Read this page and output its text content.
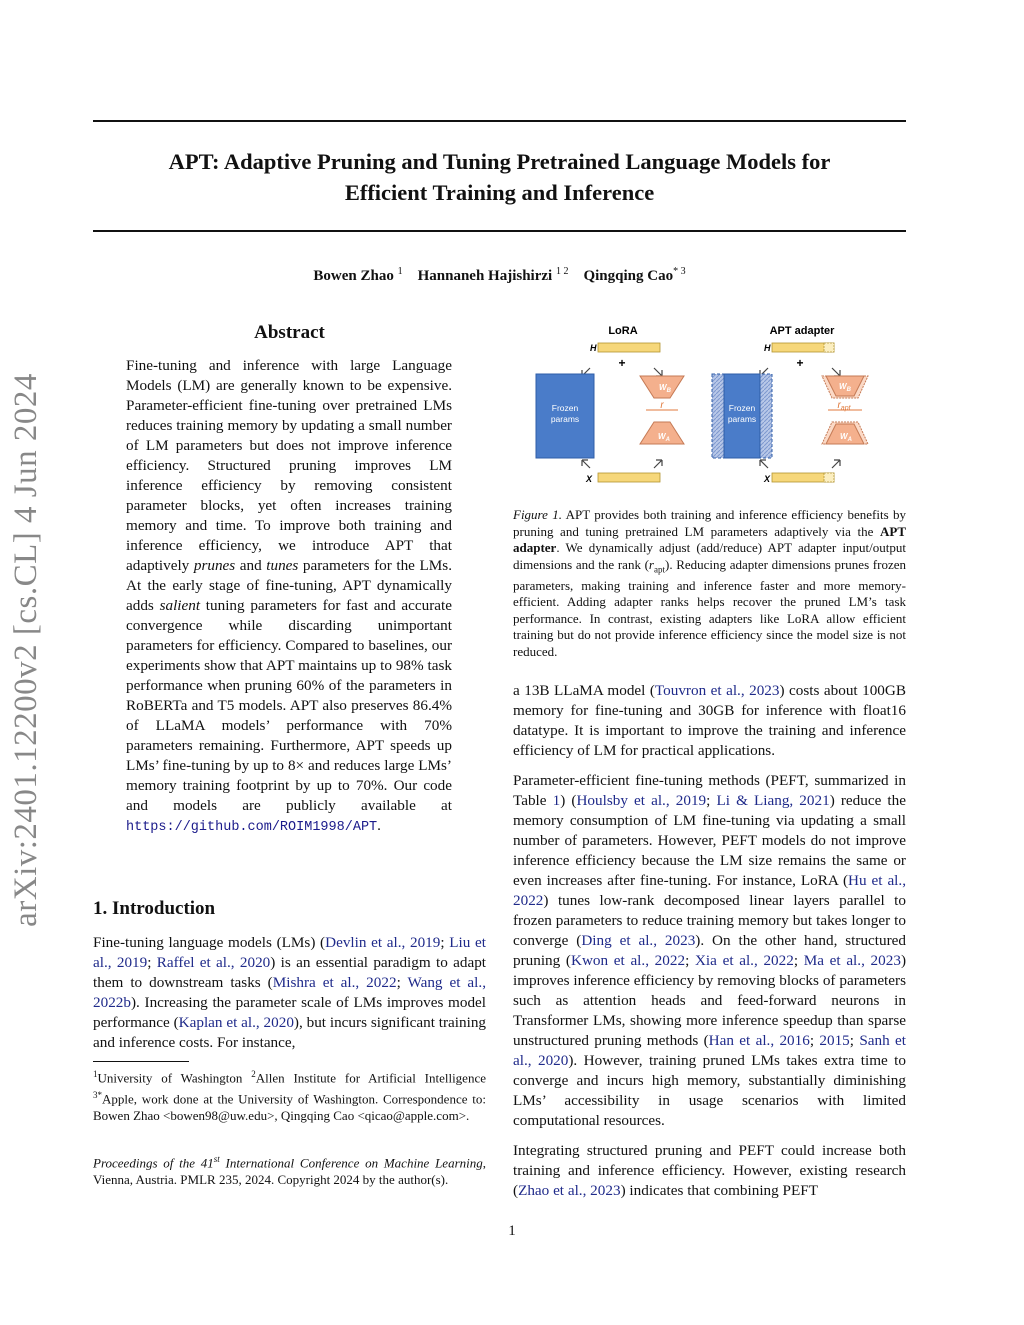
arXiv:2401.12200v2 [cs.CL] 4 Jun 2024
APT: Adaptive Pruning and Tuning Pretrained Language Models for
Efficient Training and Inference
Bowen Zhao $^1$ Hannaneh Hajishirzi $^{1 2}$ Qingqing Cao$^{* 3}$
Abstract
Fine-tuning and inference with large Language Models (LM) are generally known to be expensive. Parameter-efficient fine-tuning over pretrained LMs reduces training memory by updating a small number of LM parameters but does not improve inference efficiency. Structured pruning improves LM inference efficiency by removing consistent parameter blocks, yet often increases training memory and time. To improve both training and inference efficiency, we introduce APT that adaptively prunes and tunes parameters for the LMs. At the early stage of fine-tuning, APT dynamically adds salient tuning parameters for fast and accurate convergence while discarding unimportant parameters for efficiency. Compared to baselines, our experiments show that APT maintains up to 98% task performance when pruning 60% of the parameters in RoBERTa and T5 models. APT also preserves 86.4% of LLaMA models’ performance with 70% parameters remaining. Furthermore, APT speeds up LMs’ fine-tuning by up to 8× and reduces large LMs’ memory training footprint by up to 70%. Our code and models are publicly available at https://github.com/ROIM1998/APT.
1. Introduction

Fine-tuning language models (LMs) (Devlin et al., 2019; Liu et al., 2019; Raffel et al., 2020) is an essential paradigm to adapt them to downstream tasks (Mishra et al., 2022; Wang et al., 2022b). Increasing the parameter scale of LMs improves model performance (Kaplan et al., 2020), but incurs significant training and inference costs. For instance,

$^1$University of Washington $^2$Allen Institute for Artificial Intelligence $^{3*}$Apple, work done at the University of Washington. Correspondence to: Bowen Zhao <bowen98@uw.edu>, Qingqing Cao <qicao@apple.com>.

Proceedings of the 41st International Conference on Machine Learning, Vienna, Austria. PMLR 235, 2024. Copyright 2024 by the author(s).

LoRA
H
+
Frozen
params
$W_B$
r
$W_A$
X
APT adapter
H
+
Frozen
params
$W_B$
$r_{apt}$
$W_A$
X
Figure 1. APT provides both training and inference efficiency benefits by pruning and tuning pretrained LM parameters adaptively via the APT adapter. We dynamically adjust (add/reduce) APT adapter input/output dimensions and the rank $(r_{apt})$. Reducing adapter dimensions prunes frozen parameters, making training and inference faster and more memory-efficient. Adding adapter ranks helps recover the pruned LM’s task performance. In contrast, existing adapters like LoRA allow efficient training but do not provide inference efficiency since the model size is not reduced.

a 13B LLaMA model (Touvron et al., 2023) costs about 100GB memory for fine-tuning and 30GB for inference with float16 datatype. It is important to improve the training and inference efficiency of LM for practical applications.

Parameter-efficient fine-tuning methods (PEFT, summarized in Table 1) (Houlsby et al., 2019; Li & Liang, 2021) reduce the memory consumption of LM fine-tuning via updating a small number of parameters. However, PEFT models do not improve inference efficiency because the LM size remains the same or even increases after fine-tuning. For instance, LoRA (Hu et al., 2022) tunes low-rank decomposed linear layers parallel to frozen parameters to reduce training memory but takes longer to converge (Ding et al., 2023). On the other hand, structured pruning (Kwon et al., 2022; Xia et al., 2022; Ma et al., 2023) improves inference efficiency by removing blocks of parameters such as attention heads and feed-forward neurons in Transformer LMs, showing more inference speedup than sparse unstructured pruning methods (Han et al., 2016; 2015; Sanh et al., 2020). However, training pruned LMs takes extra time to converge and incurs high memory, substantially diminishing LMs’ accessibility in usage scenarios with limited computational resources.

Integrating structured pruning and PEFT could increase both training and inference efficiency. However, existing research (Zhao et al., 2023) indicates that combining PEFT

1
